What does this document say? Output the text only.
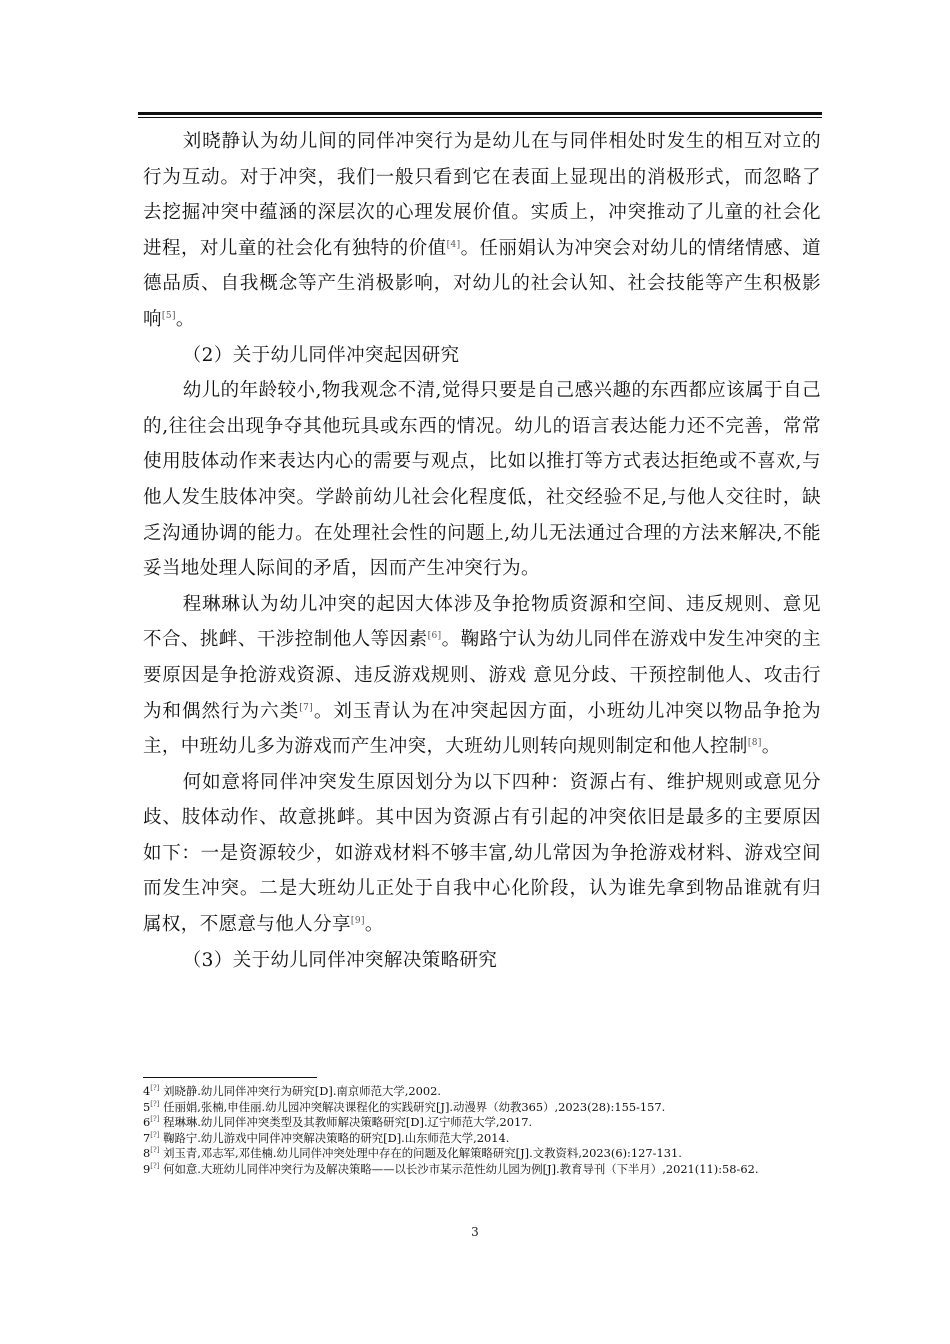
刘晓静认为幼儿间的同伴冲突行为是幼儿在与同伴相处时发生的相互对立的行为互动。对于冲突，我们一般只看到它在表面上显现出的消极形式，而忽略了去挖掘冲突中蕴涵的深层次的心理发展价值。实质上，冲突推动了儿童的社会化进程，对儿童的社会化有独特的价值[4]。任丽娟认为冲突会对幼儿的情绪情感、道德品质、自我概念等产生消极影响，对幼儿的社会认知、社会技能等产生积极影响[5]。

（2）关于幼儿同伴冲突起因研究

幼儿的年龄较小,物我观念不清,觉得只要是自己感兴趣的东西都应该属于自己的,往往会出现争夺其他玩具或东西的情况。幼儿的语言表达能力还不完善，常常使用肢体动作来表达内心的需要与观点，比如以推打等方式表达拒绝或不喜欢,与他人发生肢体冲突。学龄前幼儿社会化程度低，社交经验不足,与他人交往时，缺乏沟通协调的能力。在处理社会性的问题上,幼儿无法通过合理的方法来解决,不能妥当地处理人际间的矛盾，因而产生冲突行为。

程琳琳认为幼儿冲突的起因大体涉及争抢物质资源和空间、违反规则、意见不合、挑衅、干涉控制他人等因素[6]。鞠路宁认为幼儿同伴在游戏中发生冲突的主要原因是争抢游戏资源、违反游戏规则、游戏 意见分歧、干预控制他人、攻击行为和偶然行为六类[7]。刘玉青认为在冲突起因方面，小班幼儿冲突以物品争抢为主，中班幼儿多为游戏而产生冲突，大班幼儿则转向规则制定和他人控制[8]。

何如意将同伴冲突发生原因划分为以下四种：资源占有、维护规则或意见分歧、肢体动作、故意挑衅。其中因为资源占有引起的冲突依旧是最多的主要原因如下：一是资源较少，如游戏材料不够丰富,幼儿常因为争抢游戏材料、游戏空间而发生冲突。二是大班幼儿正处于自我中心化阶段，认为谁先拿到物品谁就有归属权，不愿意与他人分享[9]。

（3）关于幼儿同伴冲突解决策略研究

4[?] 刘晓静.幼儿同伴冲突行为研究[D].南京师范大学,2002.
5[?] 任丽娟,张楠,申佳丽.幼儿园冲突解决课程化的实践研究[J].动漫界（幼教365）,2023(28):155-157.
6[?] 程琳琳.幼儿同伴冲突类型及其教师解决策略研究[D].辽宁师范大学,2017.
7[?] 鞠路宁.幼儿游戏中同伴冲突解决策略的研究[D].山东师范大学,2014.
8[?] 刘玉青,邓志军,邓佳楠.幼儿同伴冲突处理中存在的问题及化解策略研究[J].文教资料,2023(6):127-131.
9[?] 何如意.大班幼儿同伴冲突行为及解决策略——以长沙市某示范性幼儿园为例[J].教育导刊（下半月）,2021(11):58-62.
3
